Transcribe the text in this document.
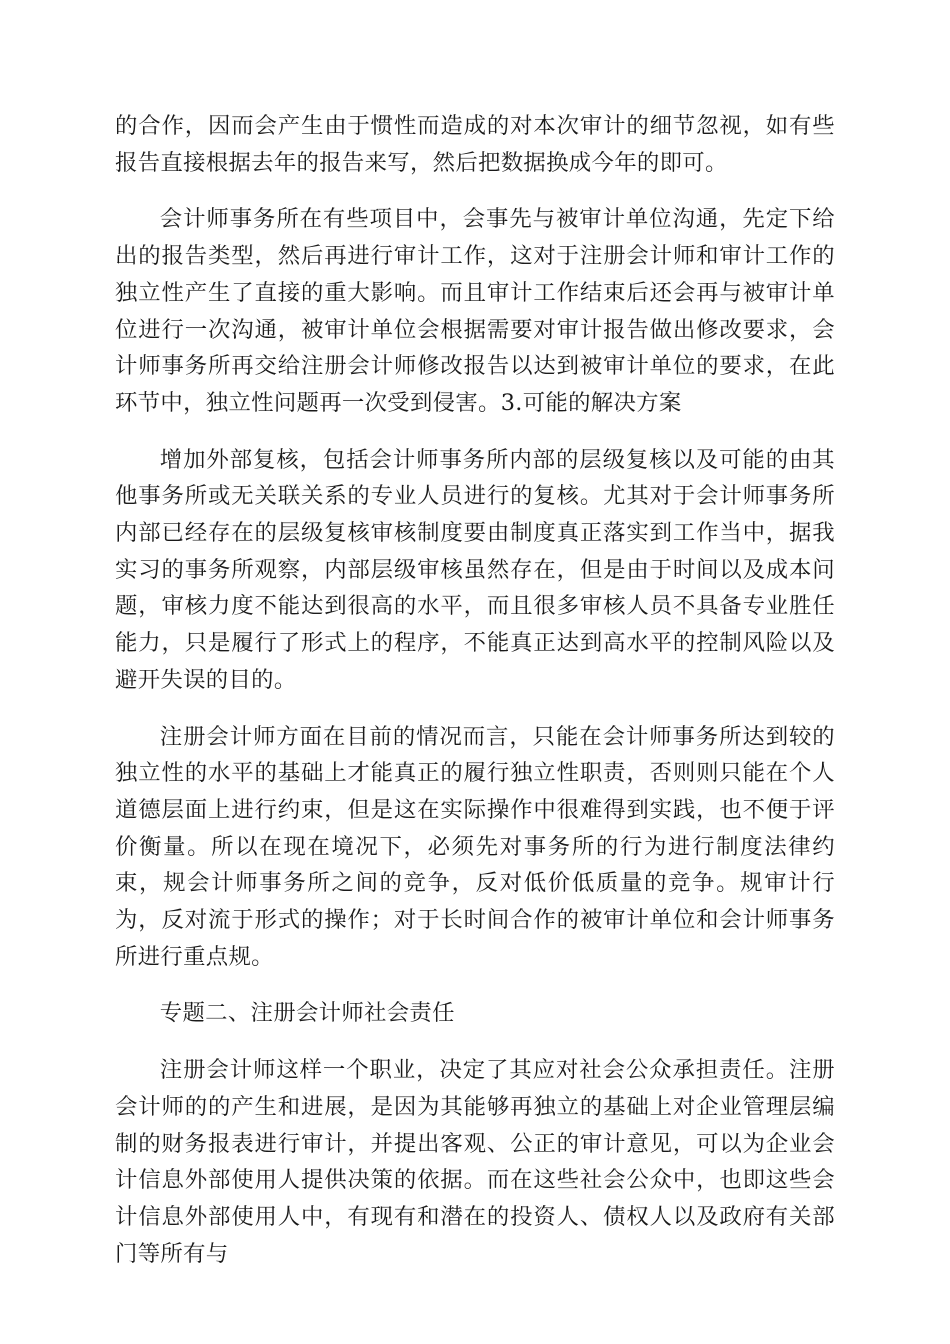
的合作，因而会产生由于惯性而造成的对本次审计的细节忽视，如有些报告直接根据去年的报告来写，然后把数据换成今年的即可。

会计师事务所在有些项目中，会事先与被审计单位沟通，先定下给出的报告类型，然后再进行审计工作，这对于注册会计师和审计工作的独立性产生了直接的重大影响。而且审计工作结束后还会再与被审计单位进行一次沟通，被审计单位会根据需要对审计报告做出修改要求，会计师事务所再交给注册会计师修改报告以达到被审计单位的要求，在此环节中，独立性问题再一次受到侵害。3.可能的解决方案

增加外部复核，包括会计师事务所内部的层级复核以及可能的由其他事务所或无关联关系的专业人员进行的复核。尤其对于会计师事务所内部已经存在的层级复核审核制度要由制度真正落实到工作当中，据我实习的事务所观察，内部层级审核虽然存在，但是由于时间以及成本问题，审核力度不能达到很高的水平，而且很多审核人员不具备专业胜任能力，只是履行了形式上的程序，不能真正达到高水平的控制风险以及避开失误的目的。

注册会计师方面在目前的情况而言，只能在会计师事务所达到较的独立性的水平的基础上才能真正的履行独立性职责，否则则只能在个人道德层面上进行约束，但是这在实际操作中很难得到实践，也不便于评价衡量。所以在现在境况下，必须先对事务所的行为进行制度法律约束，规会计师事务所之间的竞争，反对低价低质量的竞争。规审计行为，反对流于形式的操作；对于长时间合作的被审计单位和会计师事务所进行重点规。

专题二、注册会计师社会责任

注册会计师这样一个职业，决定了其应对社会公众承担责任。注册会计师的的产生和进展，是因为其能够再独立的基础上对企业管理层编制的财务报表进行审计，并提出客观、公正的审计意见，可以为企业会计信息外部使用人提供决策的依据。而在这些社会公众中，也即这些会计信息外部使用人中，有现有和潜在的投资人、债权人以及政府有关部门等所有与
